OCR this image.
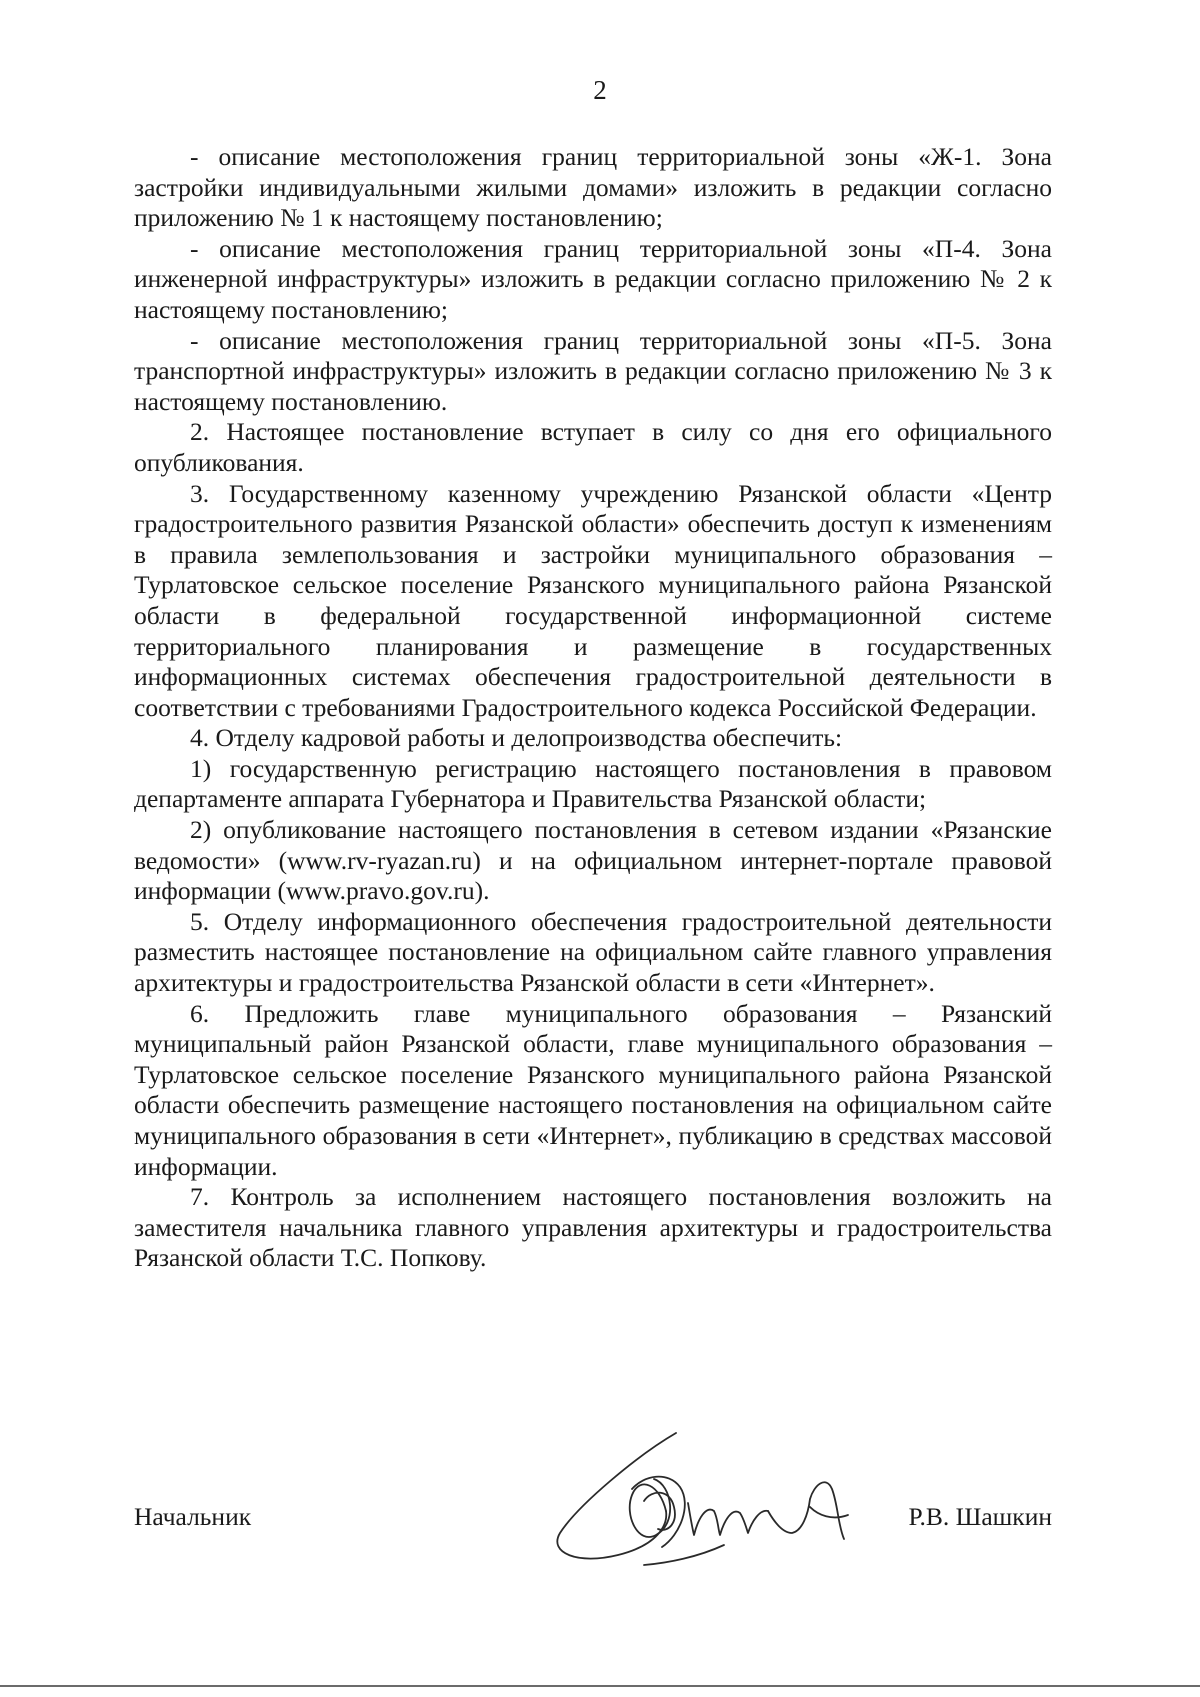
2

- описание местоположения границ территориальной зоны «Ж-1. Зона застройки индивидуальными жилыми домами» изложить в редакции согласно приложению № 1 к настоящему постановлению;

- описание местоположения границ территориальной зоны «П-4. Зона инженерной инфраструктуры» изложить в редакции согласно приложению № 2 к настоящему постановлению;

- описание местоположения границ территориальной зоны «П-5. Зона транспортной инфраструктуры» изложить в редакции согласно приложению № 3 к настоящему постановлению.

2. Настоящее постановление вступает в силу со дня его официального опубликования.

3. Государственному казенному учреждению Рязанской области «Центр градостроительного развития Рязанской области» обеспечить доступ к изменениям в правила землепользования и застройки муниципального образования – Турлатовское сельское поселение Рязанского муниципального района Рязанской области в федеральной государственной информационной системе территориального планирования и размещение в государственных информационных системах обеспечения градостроительной деятельности в соответствии с требованиями Градостроительного кодекса Российской Федерации.

4. Отделу кадровой работы и делопроизводства обеспечить:

1) государственную регистрацию настоящего постановления в правовом департаменте аппарата Губернатора и Правительства Рязанской области;

2) опубликование настоящего постановления в сетевом издании «Рязанские ведомости» (www.rv-ryazan.ru) и на официальном интернет-портале правовой информации (www.pravo.gov.ru).

5. Отделу информационного обеспечения градостроительной деятельности разместить настоящее постановление на официальном сайте главного управления архитектуры и градостроительства Рязанской области в сети «Интернет».

6. Предложить главе муниципального образования – Рязанский муниципальный район Рязанской области, главе муниципального образования – Турлатовское сельское поселение Рязанского муниципального района Рязанской области обеспечить размещение настоящего постановления на официальном сайте муниципального образования в сети «Интернет», публикацию в средствах массовой информации.

7. Контроль за исполнением настоящего постановления возложить на заместителя начальника главного управления архитектуры и градостроительства Рязанской области Т.С. Попкову.

Начальник	Р.В. Шашкин
